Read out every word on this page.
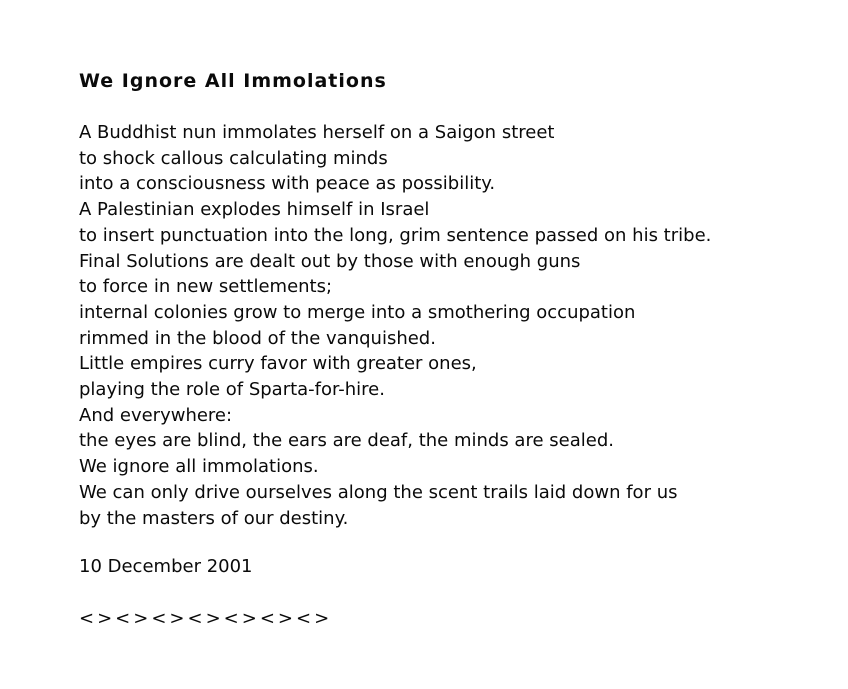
We Ignore All Immolations
A Buddhist nun immolates herself on a Saigon street
to shock callous calculating minds
into a consciousness with peace as possibility.
A Palestinian explodes himself in Israel
to insert punctuation into the long, grim sentence passed on his tribe.
Final Solutions are dealt out by those with enough guns
to force in new settlements;
internal colonies grow to merge into a smothering occupation
rimmed in the blood of the vanquished.
Little empires curry favor with greater ones,
playing the role of Sparta-for-hire.
And everywhere:
the eyes are blind, the ears are deaf, the minds are sealed.
We ignore all immolations.
We can only drive ourselves along the scent trails laid down for us
by the masters of our destiny.
10 December 2001
<><><><><><><>
